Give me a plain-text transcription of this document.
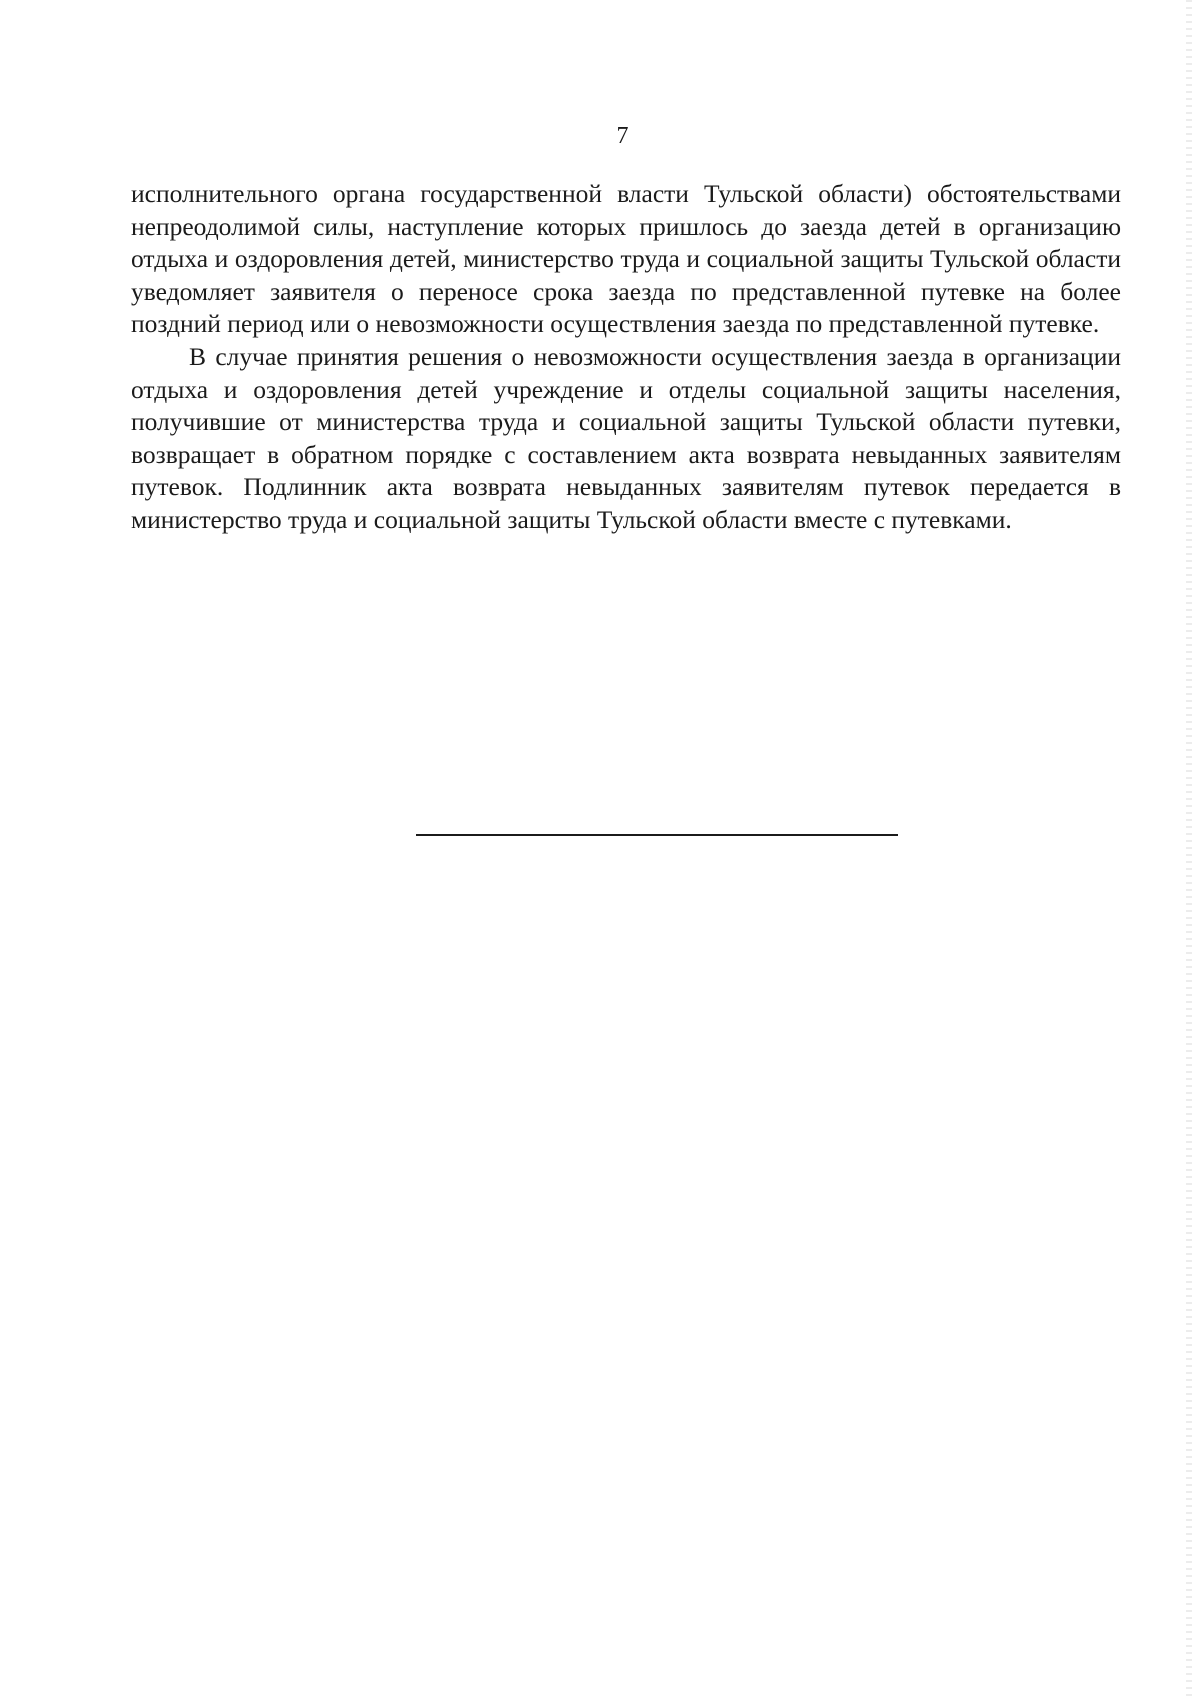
7

исполнительного органа государственной власти Тульской области) обстоятельствами непреодолимой силы, наступление которых пришлось до заезда детей в организацию отдыха и оздоровления детей, министерство труда и социальной защиты Тульской области уведомляет заявителя о переносе срока заезда по представленной путевке на более поздний период или о невозможности осуществления заезда по представленной путевке.

В случае принятия решения о невозможности осуществления заезда в организации отдыха и оздоровления детей учреждение и отделы социальной защиты населения, получившие от министерства труда и социальной защиты Тульской области путевки, возвращает в обратном порядке с составлением акта возврата невыданных заявителям путевок. Подлинник акта возврата невыданных заявителям путевок передается в министерство труда и социальной защиты Тульской области вместе с путевками.
